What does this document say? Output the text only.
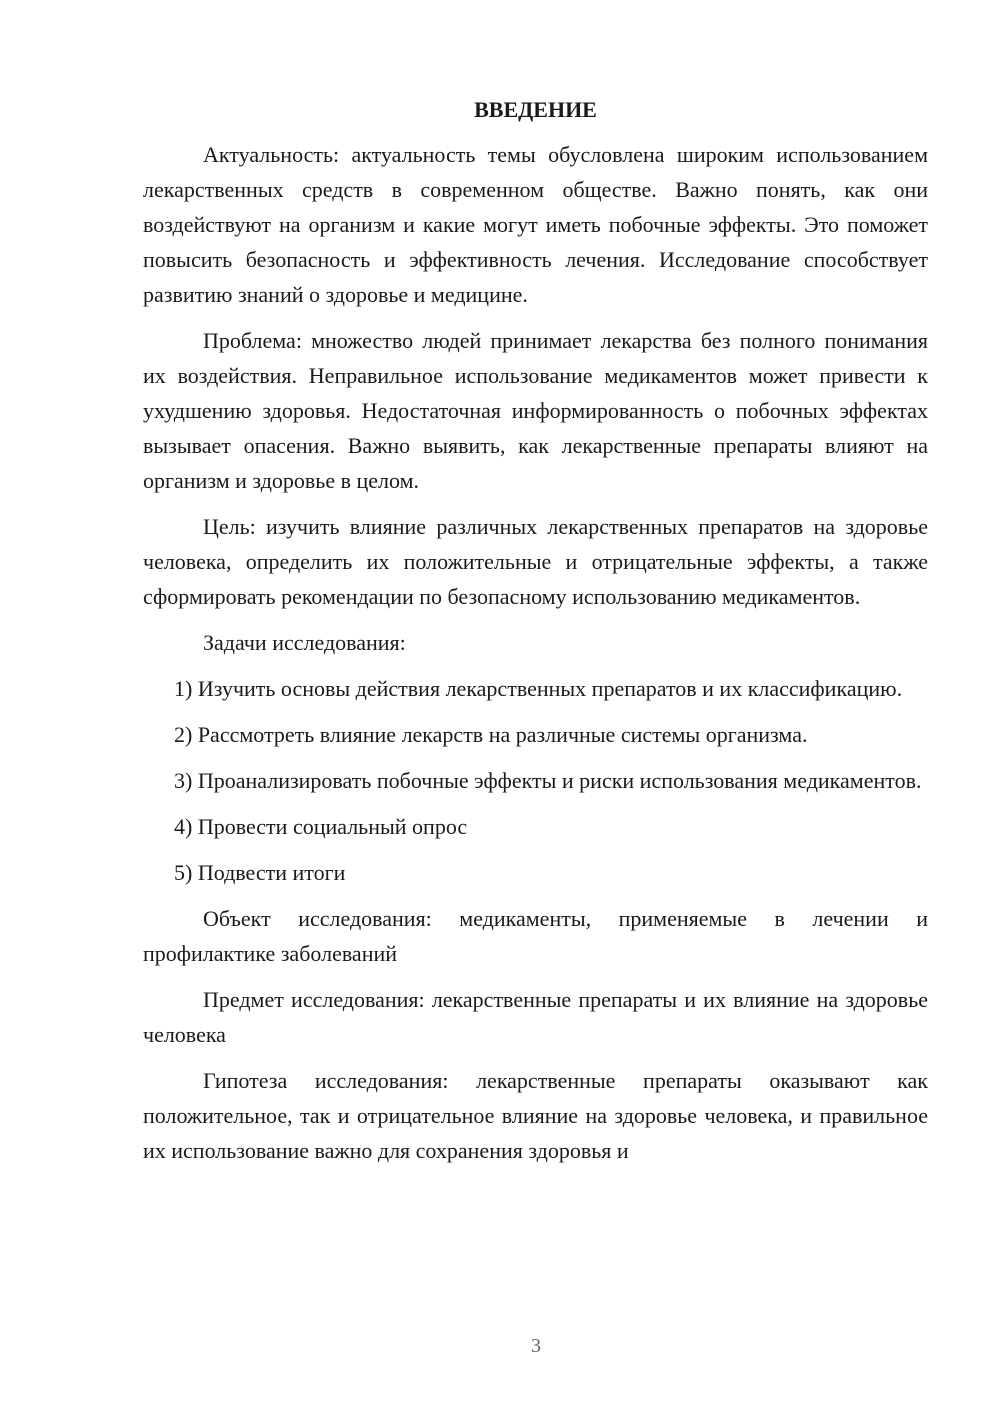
ВВЕДЕНИЕ

Актуальность: актуальность темы обусловлена широким использованием лекарственных средств в современном обществе. Важно понять, как они воздействуют на организм и какие могут иметь побочные эффекты. Это поможет повысить безопасность и эффективность лечения. Исследование способствует развитию знаний о здоровье и медицине.

Проблема: множество людей принимает лекарства без полного понимания их воздействия. Неправильное использование медикаментов может привести к ухудшению здоровья. Недостаточная информированность о побочных эффектах вызывает опасения. Важно выявить, как лекарственные препараты влияют на организм и здоровье в целом.

Цель: изучить влияние различных лекарственных препаратов на здоровье человека, определить их положительные и отрицательные эффекты, а также сформировать рекомендации по безопасному использованию медикаментов.

Задачи исследования:

1) Изучить основы действия лекарственных препаратов и их классификацию.

2) Рассмотреть влияние лекарств на различные системы организма.

3) Проанализировать побочные эффекты и риски использования медикаментов.

4) Провести социальный опрос

5) Подвести итоги

Объект исследования: медикаменты, применяемые в лечении и профилактике заболеваний

Предмет исследования: лекарственные препараты и их влияние на здоровье человека

Гипотеза исследования: лекарственные препараты оказывают как положительное, так и отрицательное влияние на здоровье человека, и правильное их использование важно для сохранения здоровья и

3
